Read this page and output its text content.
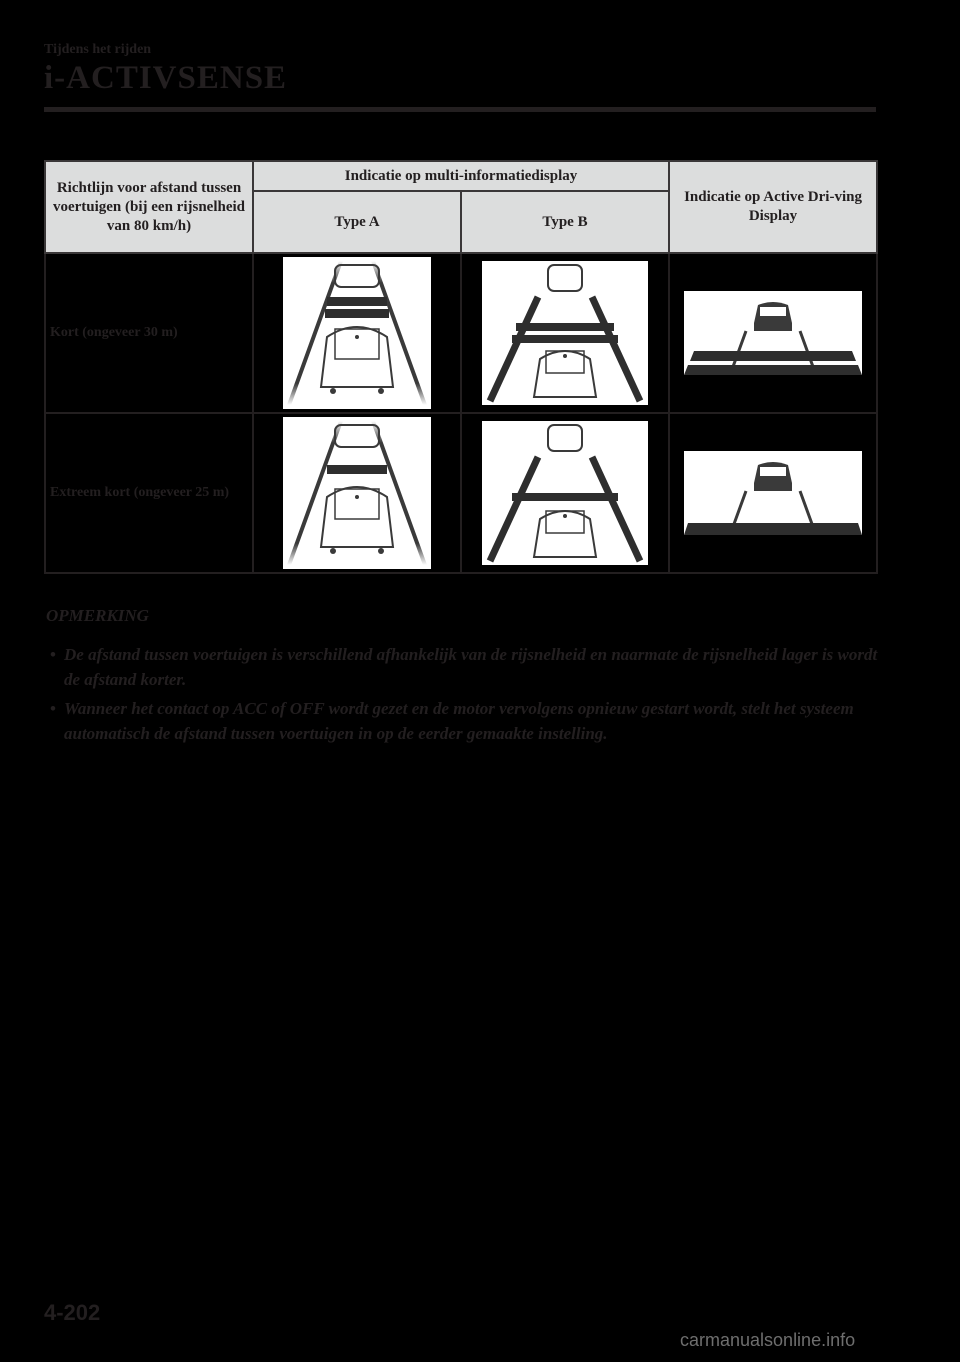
Tijdens het rijden
i-ACTIVSENSE
Richtlijn voor afstand tussen voertuigen (bij een rijsnelheid van 80 km/h)	Indicatie op multi-informatiedisplay		Indicatie op Active Dri-ving Display
	Type A	Type B	
Kort (ongeveer 30 m)	

Extreem kort (ongeveer 25 m)	

OPMERKING
• De afstand tussen voertuigen is verschillend afhankelijk van de rijsnelheid en naarmate de rijsnelheid lager is wordt de afstand korter.
• Wanneer het contact op ACC of OFF wordt gezet en de motor vervolgens opnieuw gestart wordt, stelt het systeem automatisch de afstand tussen voertuigen in op de eerder gemaakte instelling.
4-202
carmanualsonline.info
